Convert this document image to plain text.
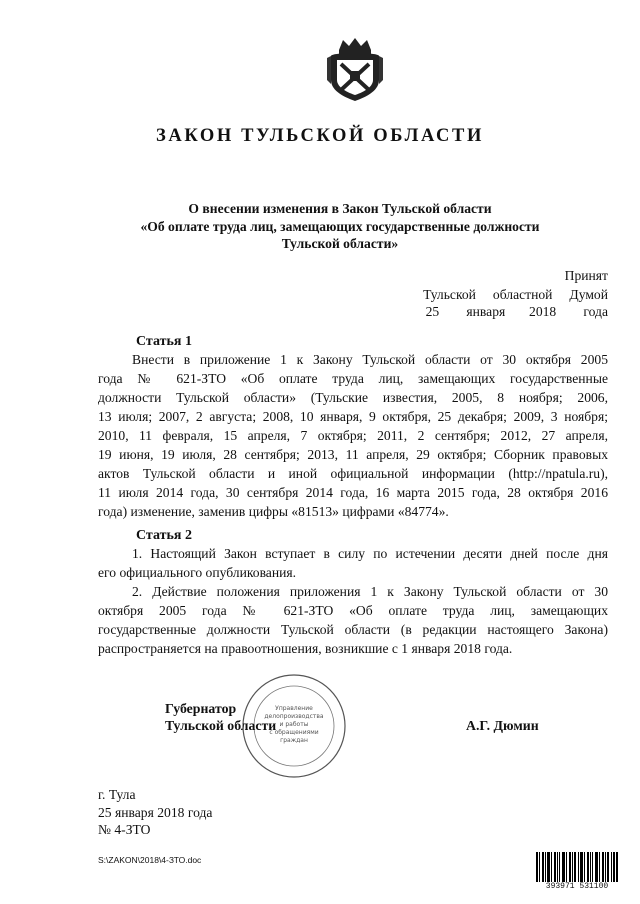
ЗАКОН ТУЛЬСКОЙ ОБЛАСТИ
О внесении изменения в Закон Тульской области
«Об оплате труда лиц, замещающих государственные должности
Тульской области»
Принят
Тульской     областной     Думой
25        января       2018        года
Статья 1
Внести в приложение 1 к Закону Тульской области от 30 октября 2005
года № 621-ЗТО «Об оплате труда лиц, замещающих государственные
должности Тульской области» (Тульские известия, 2005, 8 ноября; 2006,
13 июля; 2007, 2 августа; 2008, 10 января, 9 октября, 25 декабря; 2009, 3 ноября;
2010, 11 февраля, 15 апреля, 7 октября; 2011, 2 сентября; 2012, 27 апреля,
19 июня, 19 июля, 28 сентября; 2013, 11 апреля, 29 октября; Сборник правовых
актов Тульской области и иной официальной информации (http://npatula.ru),
11 июля 2014 года, 30 сентября 2014 года, 16 марта 2015 года, 28 октября 2016
года) изменение, заменив цифры «81513» цифрами «84774».
Статья 2
1. Настоящий Закон вступает в силу по истечении десяти дней после дня
его официального опубликования.
2. Действие положения приложения 1 к Закону Тульской области от 30
октября 2005 года № 621-ЗТО «Об оплате труда лиц, замещающих
государственные должности Тульской области (в редакции настоящего Закона)
распространяется на правоотношения, возникшие с 1 января 2018 года.
Управление
делопроизводства
и работы
с обращениями
граждан
Губернатор
Тульской области	А.Г. Дюмин
г. Тула
25 января 2018 года
№ 4-ЗТО
S:\ZAKON\2018\4-ЗТО.doc
393971 531100
